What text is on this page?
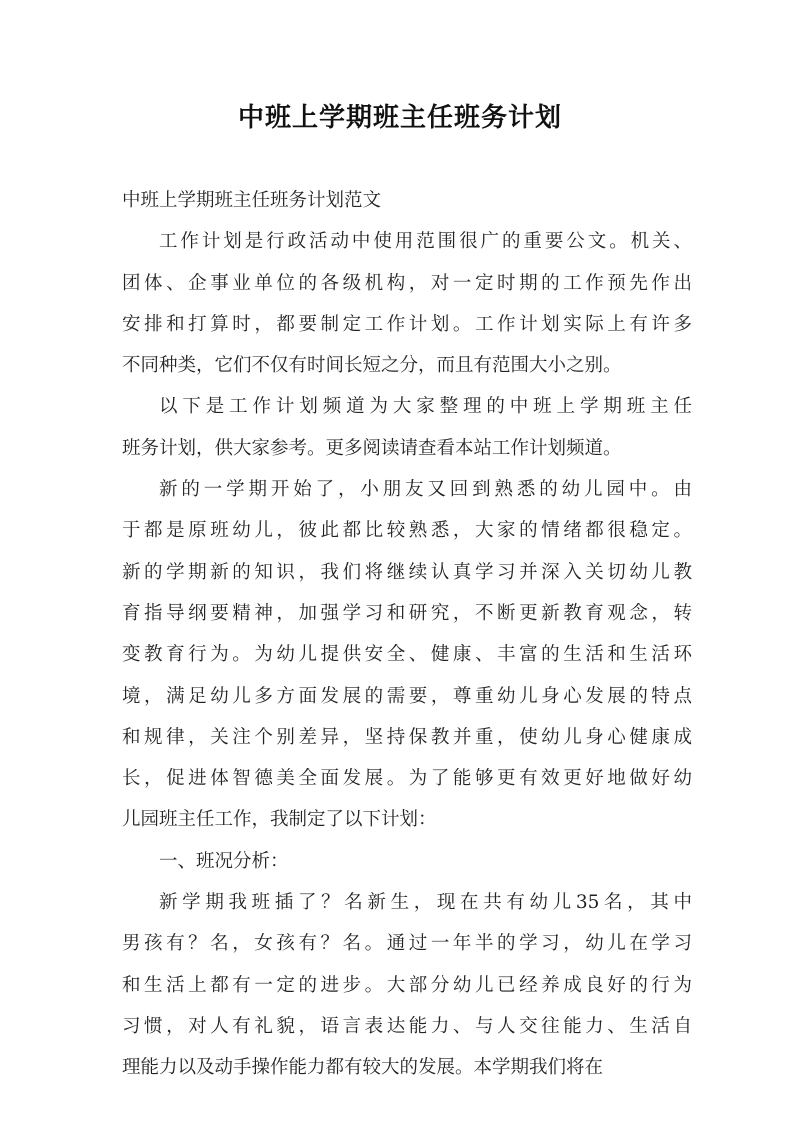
中班上学期班主任班务计划
中班上学期班主任班务计划范文
工作计划是行政活动中使用范围很广的重要公文。机关、
团体、企事业单位的各级机构，对一定时期的工作预先作出
安排和打算时，都要制定工作计划。工作计划实际上有许多
不同种类，它们不仅有时间长短之分，而且有范围大小之别。
以下是工作计划频道为大家整理的中班上学期班主任
班务计划，供大家参考。更多阅读请查看本站工作计划频道。
新的一学期开始了，小朋友又回到熟悉的幼儿园中。由
于都是原班幼儿，彼此都比较熟悉，大家的情绪都很稳定。
新的学期新的知识，我们将继续认真学习并深入关切幼儿教
育指导纲要精神，加强学习和研究，不断更新教育观念，转
变教育行为。为幼儿提供安全、健康、丰富的生活和生活环
境，满足幼儿多方面发展的需要，尊重幼儿身心发展的特点
和规律，关注个别差异，坚持保教并重，使幼儿身心健康成
长，促进体智德美全面发展。为了能够更有效更好地做好幼
儿园班主任工作，我制定了以下计划：
一、班况分析：
新学期我班插了？名新生，现在共有幼儿35名，其中
男孩有？名，女孩有？名。通过一年半的学习，幼儿在学习
和生活上都有一定的进步。大部分幼儿已经养成良好的行为
习惯，对人有礼貌，语言表达能力、与人交往能力、生活自
理能力以及动手操作能力都有较大的发展。本学期我们将在
